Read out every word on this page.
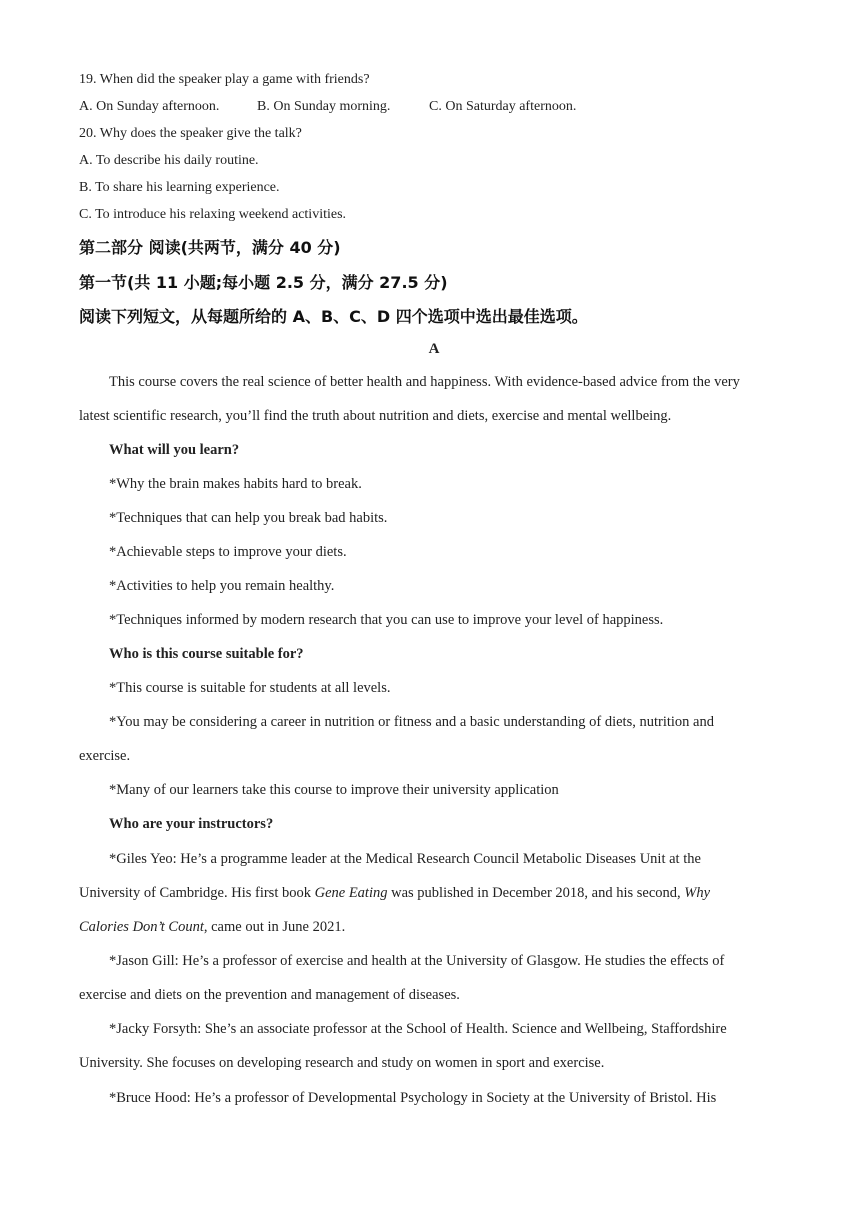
19. When did the speaker play a game with friends?
A. On Sunday afternoon.	B. On Sunday morning.	C. On Saturday afternoon.
20. Why does the speaker give the talk?
A. To describe his daily routine.
B. To share his learning experience.
C. To introduce his relaxing weekend activities.
第二部分 阅读(共两节，满分 40 分)
第一节(共 11 小题;每小题 2.5 分，满分 27.5 分)
阅读下列短文，从每题所给的 A、B、C、D 四个选项中选出最佳选项。
A
This course covers the real science of better health and happiness. With evidence-based advice from the very
latest scientific research, you’ll find the truth about nutrition and diets, exercise and mental wellbeing.
What will you learn?
*Why the brain makes habits hard to break.
*Techniques that can help you break bad habits.
*Achievable steps to improve your diets.
*Activities to help you remain healthy.
*Techniques informed by modern research that you can use to improve your level of happiness.
Who is this course suitable for?
*This course is suitable for students at all levels.
*You may be considering a career in nutrition or fitness and a basic understanding of diets, nutrition and
exercise.
*Many of our learners take this course to improve their university application
Who are your instructors?
*Giles Yeo: He’s a programme leader at the Medical Research Council Metabolic Diseases Unit at the
University of Cambridge. His first book Gene Eating was published in December 2018, and his second, Why
Calories Don’t Count, came out in June 2021.
*Jason Gill: He’s a professor of exercise and health at the University of Glasgow. He studies the effects of
exercise and diets on the prevention and management of diseases.
*Jacky Forsyth: She’s an associate professor at the School of Health. Science and Wellbeing, Staffordshire
University. She focuses on developing research and study on women in sport and exercise.
*Bruce Hood: He’s a professor of Developmental Psychology in Society at the University of Bristol. His
